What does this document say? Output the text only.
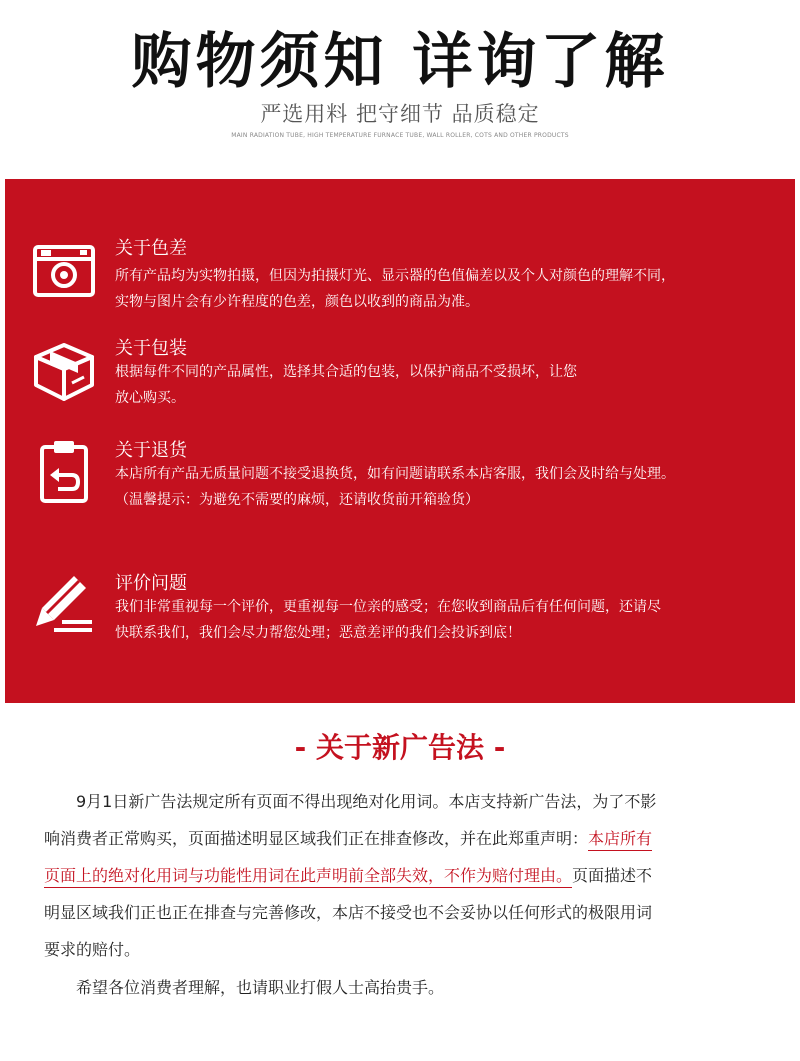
购物须知 详询了解
严选用料 把守细节 品质稳定
MAIN RADIATION TUBE, HIGH TEMPERATURE FURNACE TUBE, WALL ROLLER, COTS AND OTHER PRODUCTS
关于色差

所有产品均为实物拍摄，但因为拍摄灯光、显示器的色值偏差以及个人对颜色的理解不同，

实物与图片会有少许程度的色差，颜色以收到的商品为准。

关于包装

根据每件不同的产品属性，选择其合适的包装，以保护商品不受损坏，让您

放心购买。

关于退货

本店所有产品无质量问题不接受退换货，如有问题请联系本店客服，我们会及时给与处理。

（温馨提示：为避免不需要的麻烦，还请收货前开箱验货）

评价问题

我们非常重视每一个评价，更重视每一位亲的感受；在您收到商品后有任何问题，还请尽

快联系我们，我们会尽力帮您处理；恶意差评的我们会投诉到底！

- 关于新广告法 -
9月1日新广告法规定所有页面不得出现绝对化用词。本店支持新广告法，为了不影
响消费者正常购买，页面描述明显区域我们正在排查修改，并在此郑重声明：本店所有
页面上的绝对化用词与功能性用词在此声明前全部失效，不作为赔付理由。页面描述不
明显区域我们正也正在排查与完善修改，本店不接受也不会妥协以任何形式的极限用词
要求的赔付。
希望各位消费者理解，也请职业打假人士高抬贵手。
